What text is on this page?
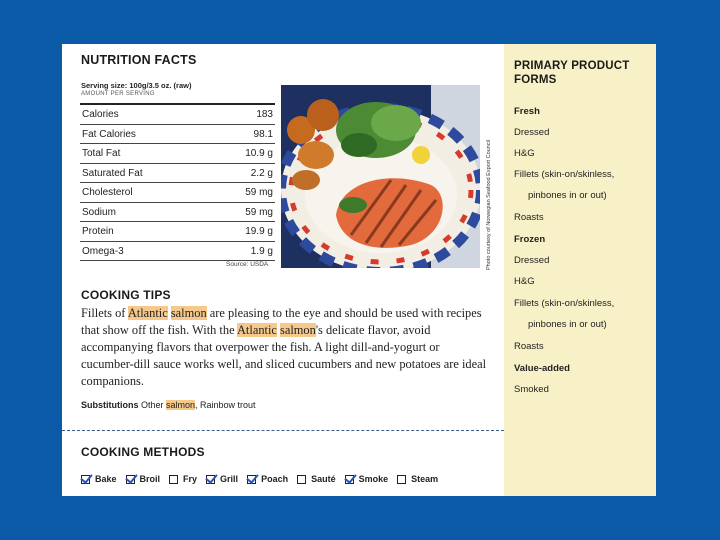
NUTRITION FACTS
Serving size: 100g/3.5 oz. (raw)
AMOUNT PER SERVING
Calories	183
Fat Calories	98.1
Total Fat	10.9 g
Saturated Fat	2.2 g
Cholesterol	59 mg
Sodium	59 mg
Protein	19.9 g
Omega-3	1.9 g
Source: USDA	Photo courtesy of Norwegian Seafood Export Council
COOKING TIPS
Fillets of Atlantic salmon are pleasing to the eye and should be used with recipes that show off the fish. With the Atlantic salmon's delicate flavor, avoid accompanying flavors that overpower the fish. A light dill-and-yogurt or cucumber-dill sauce works well, and sliced cucumbers and new potatoes are ideal companions.
Substitutions Other salmon, Rainbow trout
COOKING METHODS
Bake	Broil	Fry	Grill	Poach	Sauté	Smoke	Steam
PRIMARY PRODUCT FORMS
Fresh
Dressed
H&G
Fillets (skin-on/skinless,
pinbones in or out)
Roasts
Frozen
Dressed
H&G
Fillets (skin-on/skinless,
pinbones in or out)
Roasts
Value-added
Smoked
